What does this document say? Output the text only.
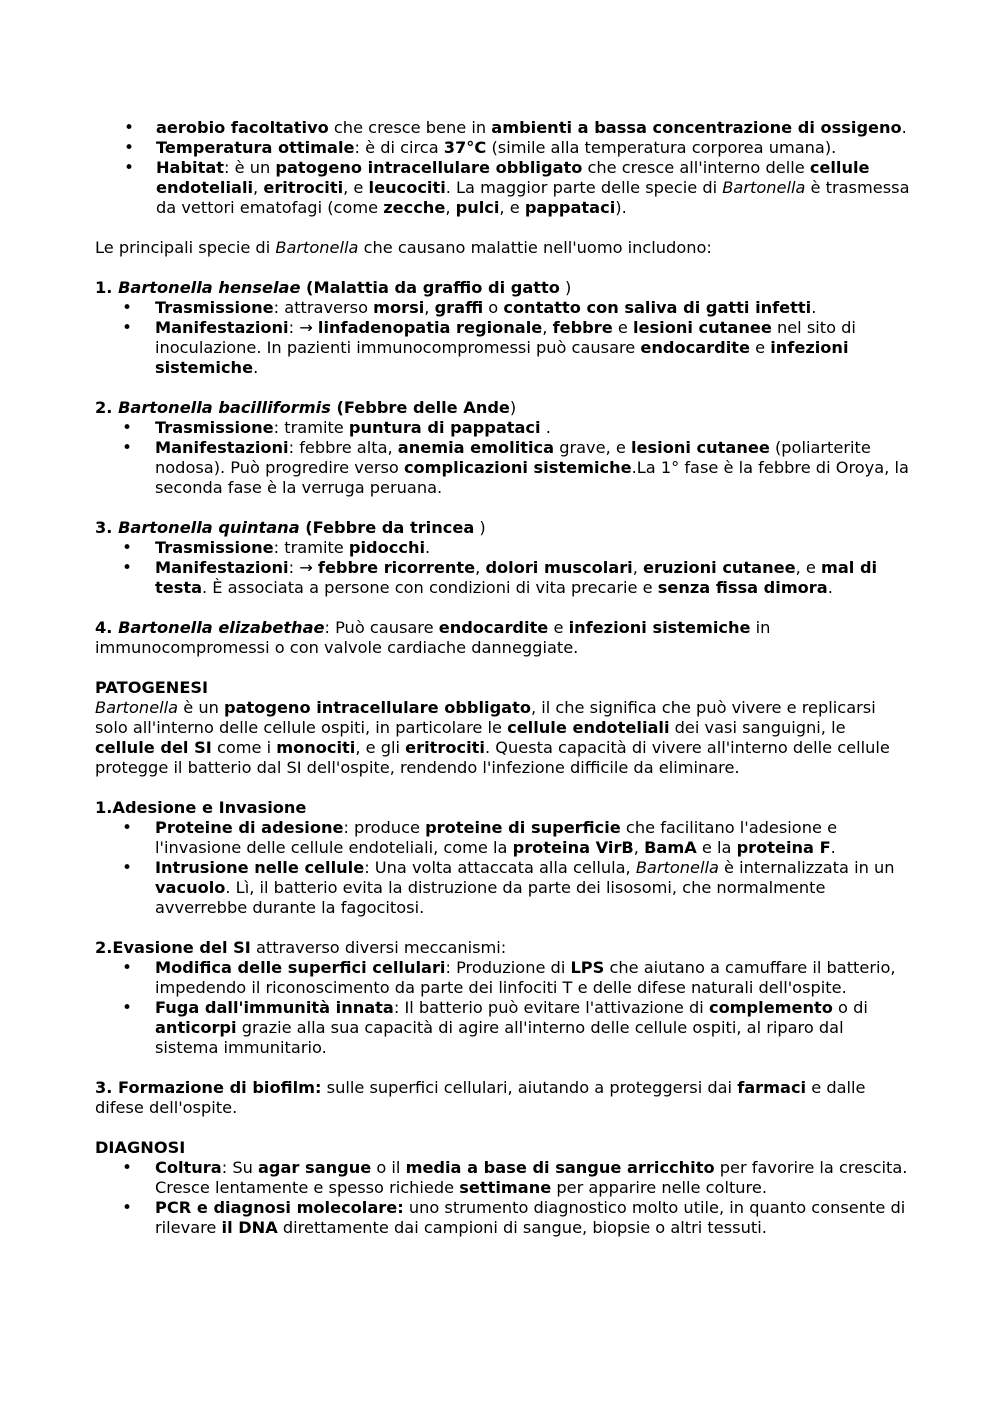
• aerobio facoltativo che cresce bene in ambienti a bassa concentrazione di ossigeno.
• Temperatura ottimale: è di circa 37°C (simile alla temperatura corporea umana).
• Habitat: è un patogeno intracellulare obbligato che cresce all'interno delle cellule endoteliali, eritrociti, e leucociti. La maggior parte delle specie di Bartonella è trasmessa da vettori ematofagi (come zecche, pulci, e pappataci).

Le principali specie di Bartonella che causano malattie nell'uomo includono:

1. Bartonella henselae (Malattia da graffio di gatto )

• Trasmissione: attraverso morsi, graffi o contatto con saliva di gatti infetti.
• Manifestazioni: → linfadenopatia regionale, febbre e lesioni cutanee nel sito di inoculazione. In pazienti immunocompromessi può causare endocardite e infezioni sistemiche.

2. Bartonella bacilliformis (Febbre delle Ande)

• Trasmissione: tramite puntura di pappataci .
• Manifestazioni: febbre alta, anemia emolitica grave, e lesioni cutanee (poliarterite nodosa). Può progredire verso complicazioni sistemiche.La 1° fase è la febbre di Oroya, la seconda fase è la verruga peruana.

3. Bartonella quintana (Febbre da trincea )

• Trasmissione: tramite pidocchi.
• Manifestazioni: → febbre ricorrente, dolori muscolari, eruzioni cutanee, e mal di testa. È associata a persone con condizioni di vita precarie e senza fissa dimora.

4. Bartonella elizabethae: Può causare endocardite e infezioni sistemiche in immunocompromessi o con valvole cardiache danneggiate.

PATOGENESI

Bartonella è un patogeno intracellulare obbligato, il che significa che può vivere e replicarsi solo all'interno delle cellule ospiti, in particolare le cellule endoteliali dei vasi sanguigni, le cellule del SI come i monociti, e gli eritrociti. Questa capacità di vivere all'interno delle cellule protegge il batterio dal SI dell'ospite, rendendo l'infezione difficile da eliminare.

1.Adesione e Invasione

• Proteine di adesione: produce proteine di superficie che facilitano l'adesione e l'invasione delle cellule endoteliali, come la proteina VirB, BamA e la proteina F.
• Intrusione nelle cellule: Una volta attaccata alla cellula, Bartonella è internalizzata in un vacuolo. Lì, il batterio evita la distruzione da parte dei lisosomi, che normalmente avverrebbe durante la fagocitosi.

2.Evasione del SI attraverso diversi meccanismi:

• Modifica delle superfici cellulari: Produzione di LPS che aiutano a camuffare il batterio, impedendo il riconoscimento da parte dei linfociti T e delle difese naturali dell'ospite.
• Fuga dall'immunità innata: Il batterio può evitare l'attivazione di complemento o di anticorpi grazie alla sua capacità di agire all'interno delle cellule ospiti, al riparo dal sistema immunitario.

3. Formazione di biofilm: sulle superfici cellulari, aiutando a proteggersi dai farmaci e dalle difese dell'ospite.

DIAGNOSI

• Coltura: Su agar sangue o il media a base di sangue arricchito per favorire la crescita. Cresce lentamente e spesso richiede settimane per apparire nelle colture.
• PCR e diagnosi molecolare: uno strumento diagnostico molto utile, in quanto consente di rilevare il DNA direttamente dai campioni di sangue, biopsie o altri tessuti.
